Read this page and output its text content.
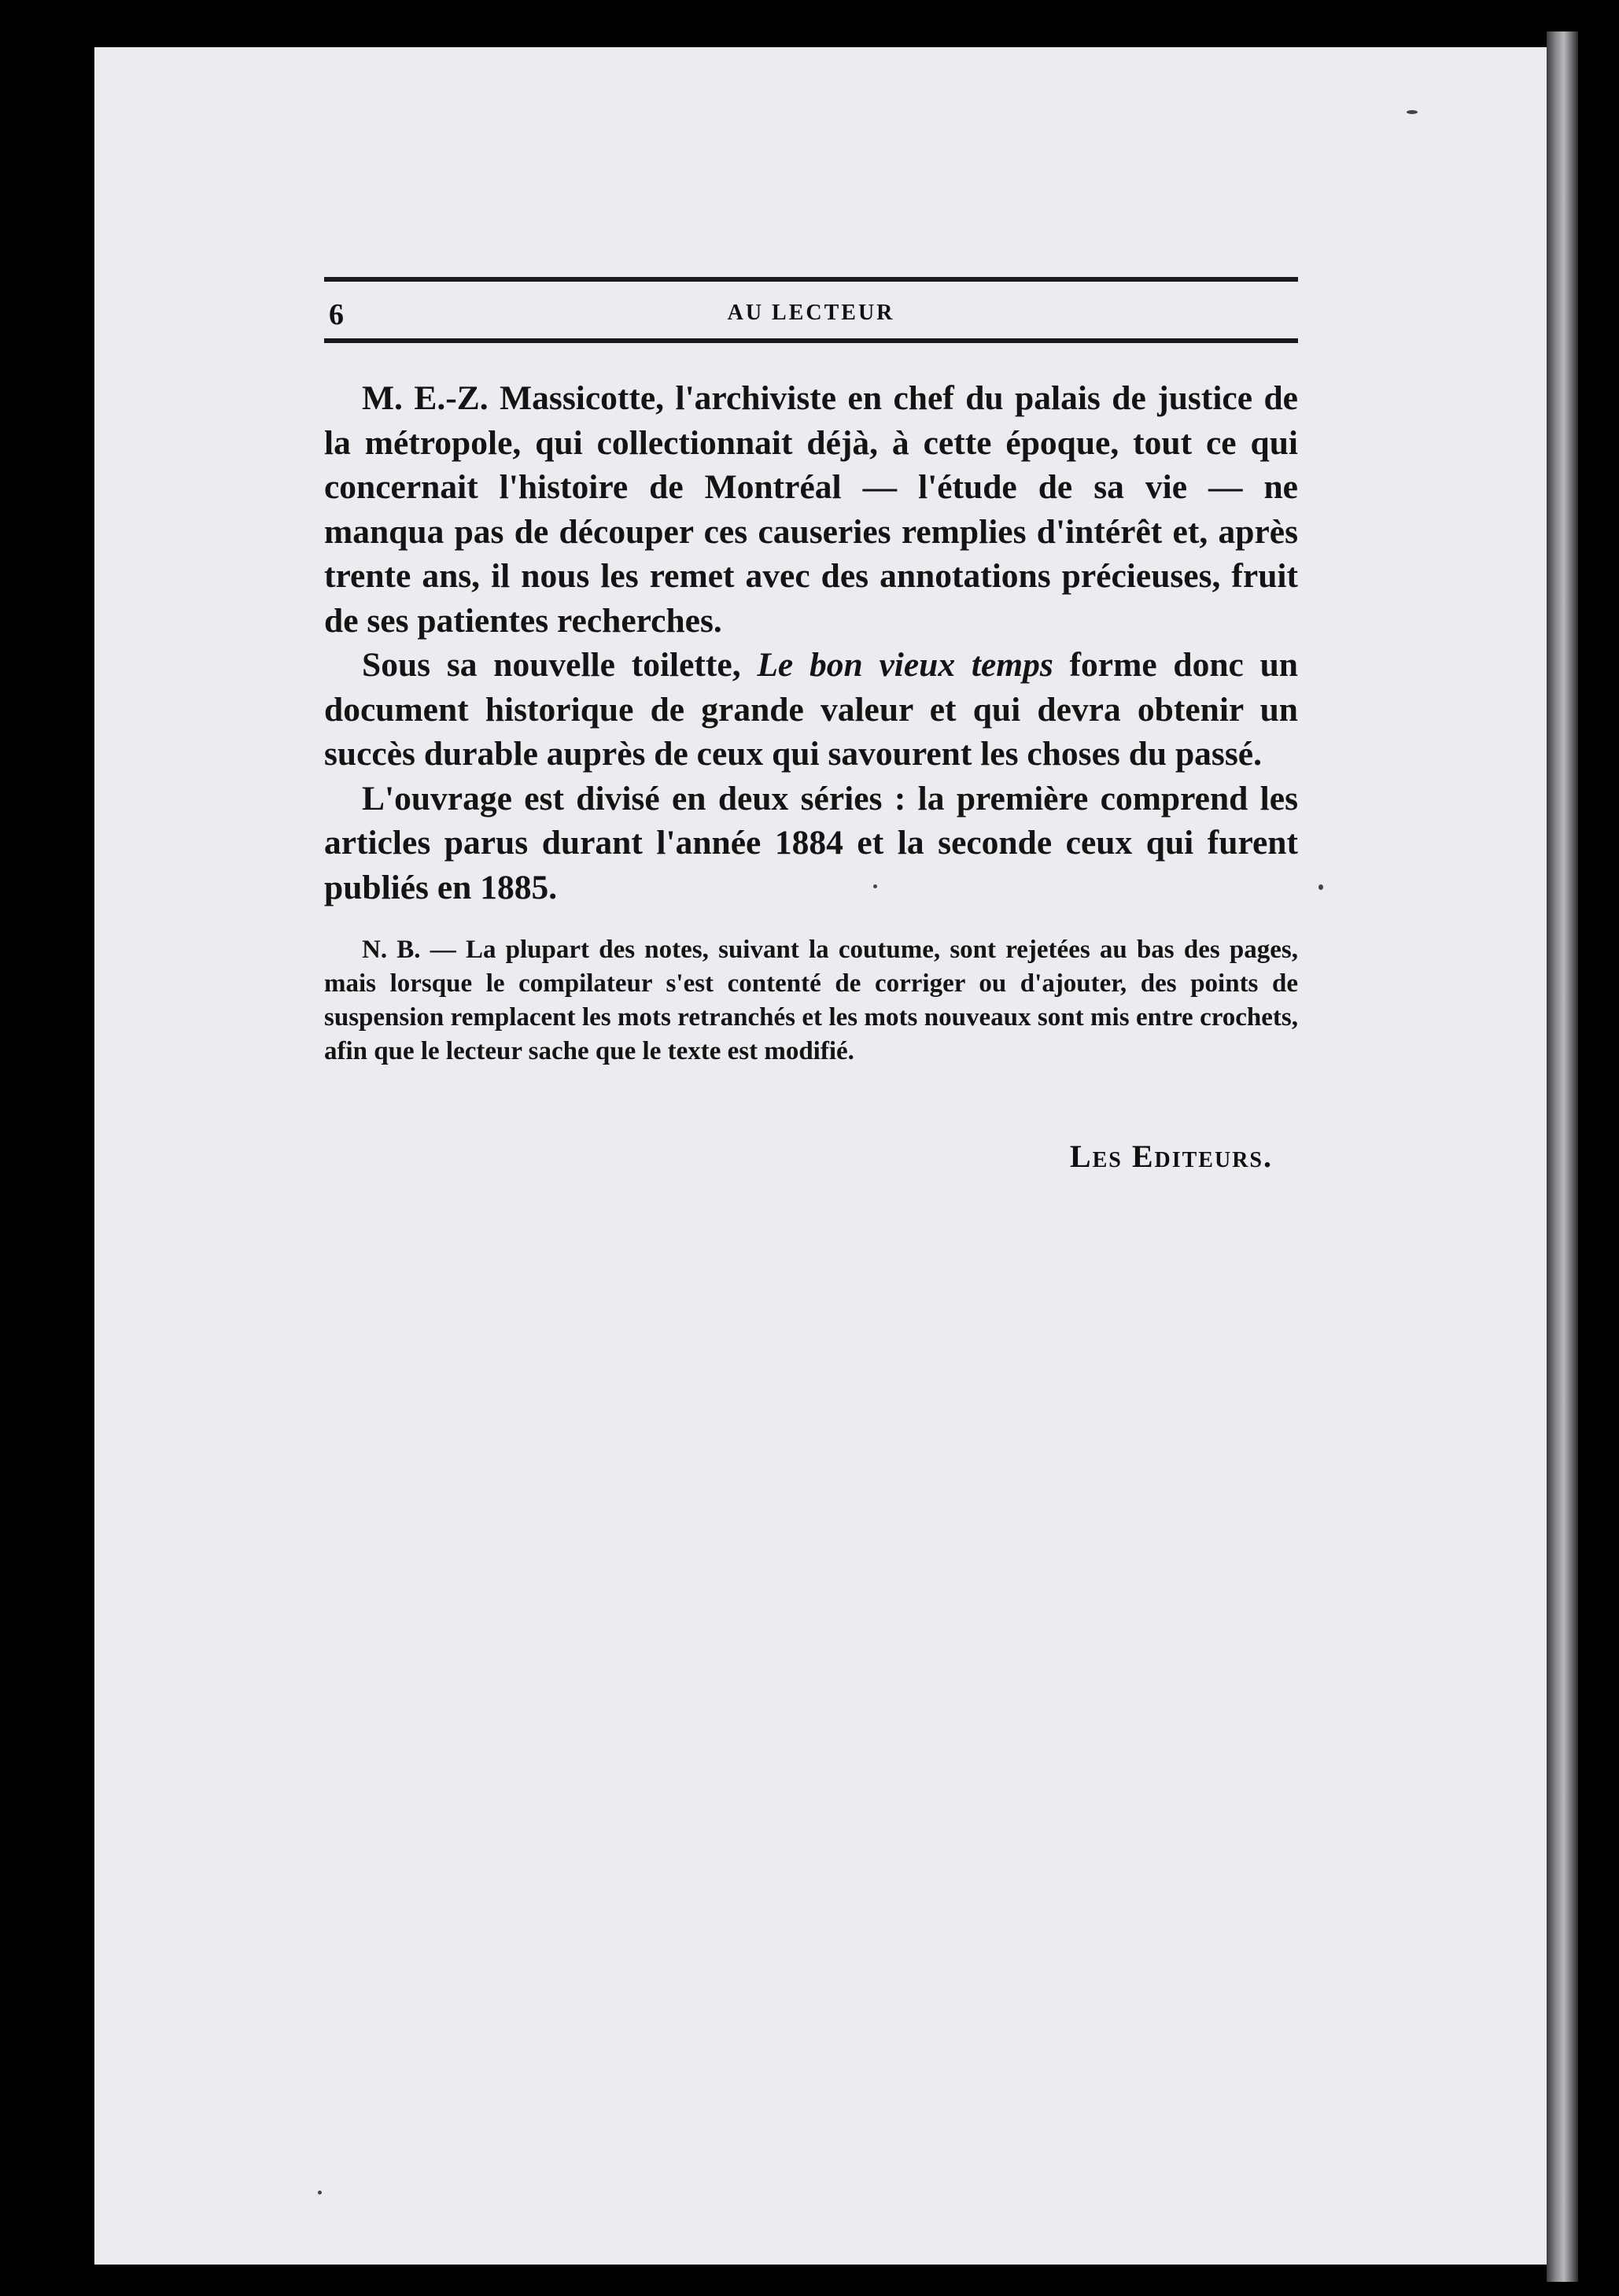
6	AU LECTEUR

M. E.-Z. Massicotte, l'archiviste en chef du palais de justice de la métropole, qui collectionnait déjà, à cette époque, tout ce qui concernait l'histoire de Montréal — l'étude de sa vie — ne manqua pas de découper ces causeries remplies d'intérêt et, après trente ans, il nous les remet avec des annotations précieuses, fruit de ses patientes recherches.

Sous sa nouvelle toilette, Le bon vieux temps forme donc un document historique de grande valeur et qui devra obtenir un succès durable auprès de ceux qui savourent les choses du passé.

L'ouvrage est divisé en deux séries : la première comprend les articles parus durant l'année 1884 et la seconde ceux qui furent publiés en 1885.

N. B. — La plupart des notes, suivant la coutume, sont rejetées au bas des pages, mais lorsque le compilateur s'est contenté de corriger ou d'ajouter, des points de suspension remplacent les mots retranchés et les mots nouveaux sont mis entre crochets, afin que le lecteur sache que le texte est modifié.

Les Editeurs.
